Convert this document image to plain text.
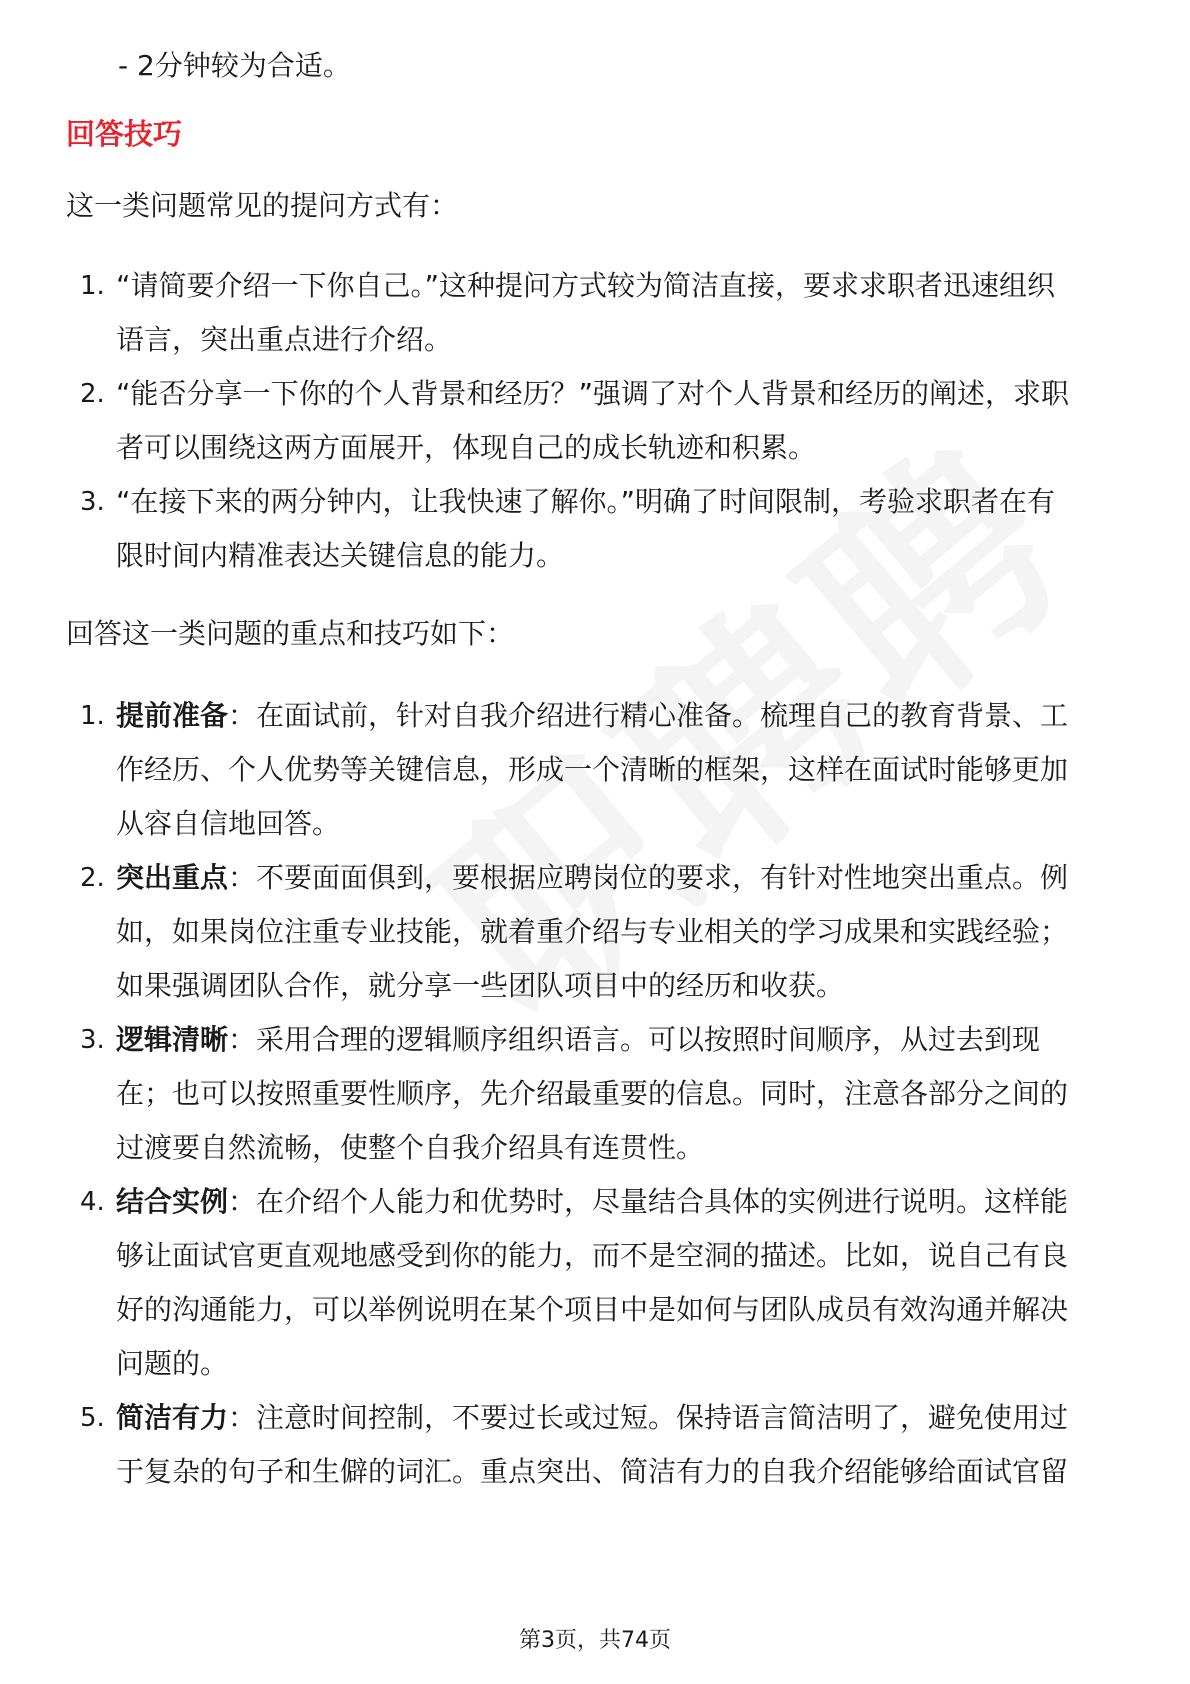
- 2分钟较为合适。
回答技巧
这一类问题常见的提问方式有：
1. “请简要介绍一下你自己。”这种提问方式较为简洁直接，要求求职者迅速组织
语言，突出重点进行介绍。
2. “能否分享一下你的个人背景和经历？”强调了对个人背景和经历的阐述，求职
者可以围绕这两方面展开，体现自己的成长轨迹和积累。
3. “在接下来的两分钟内，让我快速了解你。”明确了时间限制，考验求职者在有
限时间内精准表达关键信息的能力。
回答这一类问题的重点和技巧如下：
1. 提前准备：在面试前，针对自我介绍进行精心准备。梳理自己的教育背景、工
作经历、个人优势等关键信息，形成一个清晰的框架，这样在面试时能够更加
从容自信地回答。
2. 突出重点：不要面面俱到，要根据应聘岗位的要求，有针对性地突出重点。例
如，如果岗位注重专业技能，就着重介绍与专业相关的学习成果和实践经验；
如果强调团队合作，就分享一些团队项目中的经历和收获。
3. 逻辑清晰：采用合理的逻辑顺序组织语言。可以按照时间顺序，从过去到现
在；也可以按照重要性顺序，先介绍最重要的信息。同时，注意各部分之间的
过渡要自然流畅，使整个自我介绍具有连贯性。
4. 结合实例：在介绍个人能力和优势时，尽量结合具体的实例进行说明。这样能
够让面试官更直观地感受到你的能力，而不是空洞的描述。比如，说自己有良
好的沟通能力，可以举例说明在某个项目中是如何与团队成员有效沟通并解决
问题的。
5. 简洁有力：注意时间控制，不要过长或过短。保持语言简洁明了，避免使用过
于复杂的句子和生僻的词汇。重点突出、简洁有力的自我介绍能够给面试官留
第3页，共74页
